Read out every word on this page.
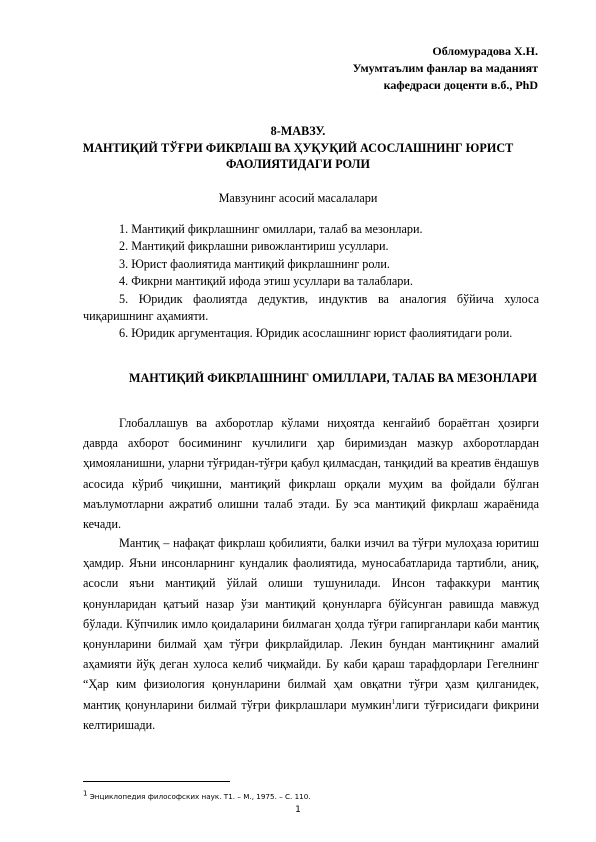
Обломурадова Х.Н.
Умумтаълим фанлар ва маданият
кафедраси доценти в.б., PhD
8-МАВЗУ.
МАНТИҚИЙ ТЎҒРИ ФИКРЛАШ ВА ҲУҚУҚИЙ АСОСЛАШНИНГ ЮРИСТ ФАОЛИЯТИДАГИ РОЛИ
Мавзунинг асосий масалалари
1. Мантиқий фикрлашнинг омиллари, талаб ва мезонлари.
2. Мантиқий фикрлашни ривожлантириш усуллари.
3. Юрист фаолиятида мантиқий фикрлашнинг роли.
4. Фикрни мантиқий ифода этиш усуллари ва талаблари.
5. Юридик фаолиятда дедуктив, индуктив ва аналогия бўйича хулоса чиқаришнинг аҳамияти.
6. Юридик аргументация. Юридик асослашнинг юрист фаолиятидаги роли.
МАНТИҚИЙ ФИКРЛАШНИНГ ОМИЛЛАРИ, ТАЛАБ ВА МЕЗОНЛАРИ

Глобаллашув ва ахборотлар кўлами ниҳоятда кенгайиб бораётган ҳозирги даврда ахборот босимининг кучлилиги ҳар биримиздан мазкур ахборотлардан ҳимояланишни, уларни тўғридан-тўғри қабул қилмасдан, танқидий ва креатив ёндашув асосида кўриб чиқишни, мантиқий фикрлаш орқали муҳим ва фойдали бўлган маълумотларни ажратиб олишни талаб этади. Бу эса мантиқий фикрлаш жараёнида кечади.

Мантиқ – нафақат фикрлаш қобилияти, балки изчил ва тўғри мулоҳаза юритиш ҳамдир. Яъни инсонларнинг кундалик фаолиятида, муносабатларида тартибли, аниқ, асосли яъни мантиқий ўйлай олиши тушунилади. Инсон тафаккури мантиқ қонунларидан қатъий назар ўзи мантиқий қонунларга бўйсунган равишда мавжуд бўлади. Кўпчилик имло қоидаларини билмаган ҳолда тўғри гапирганлари каби мантиқ қонунларини билмай ҳам тўғри фикрлайдилар. Лекин бундан мантиқнинг амалий аҳамияти йўқ деган хулоса келиб чиқмайди. Бу каби қараш тарафдорлари Гегелнинг “Ҳар ким физиология қонунларини билмай ҳам овқатни тўғри ҳазм қилганидек, мантиқ қонунларини билмай тўғри фикрлашлари мумкин$^1$лиги тўғрисидаги фикрини келтиришади.

$^1$ Энциклопедия философских наук. Т1. – М., 1975. – С. 110.
1
